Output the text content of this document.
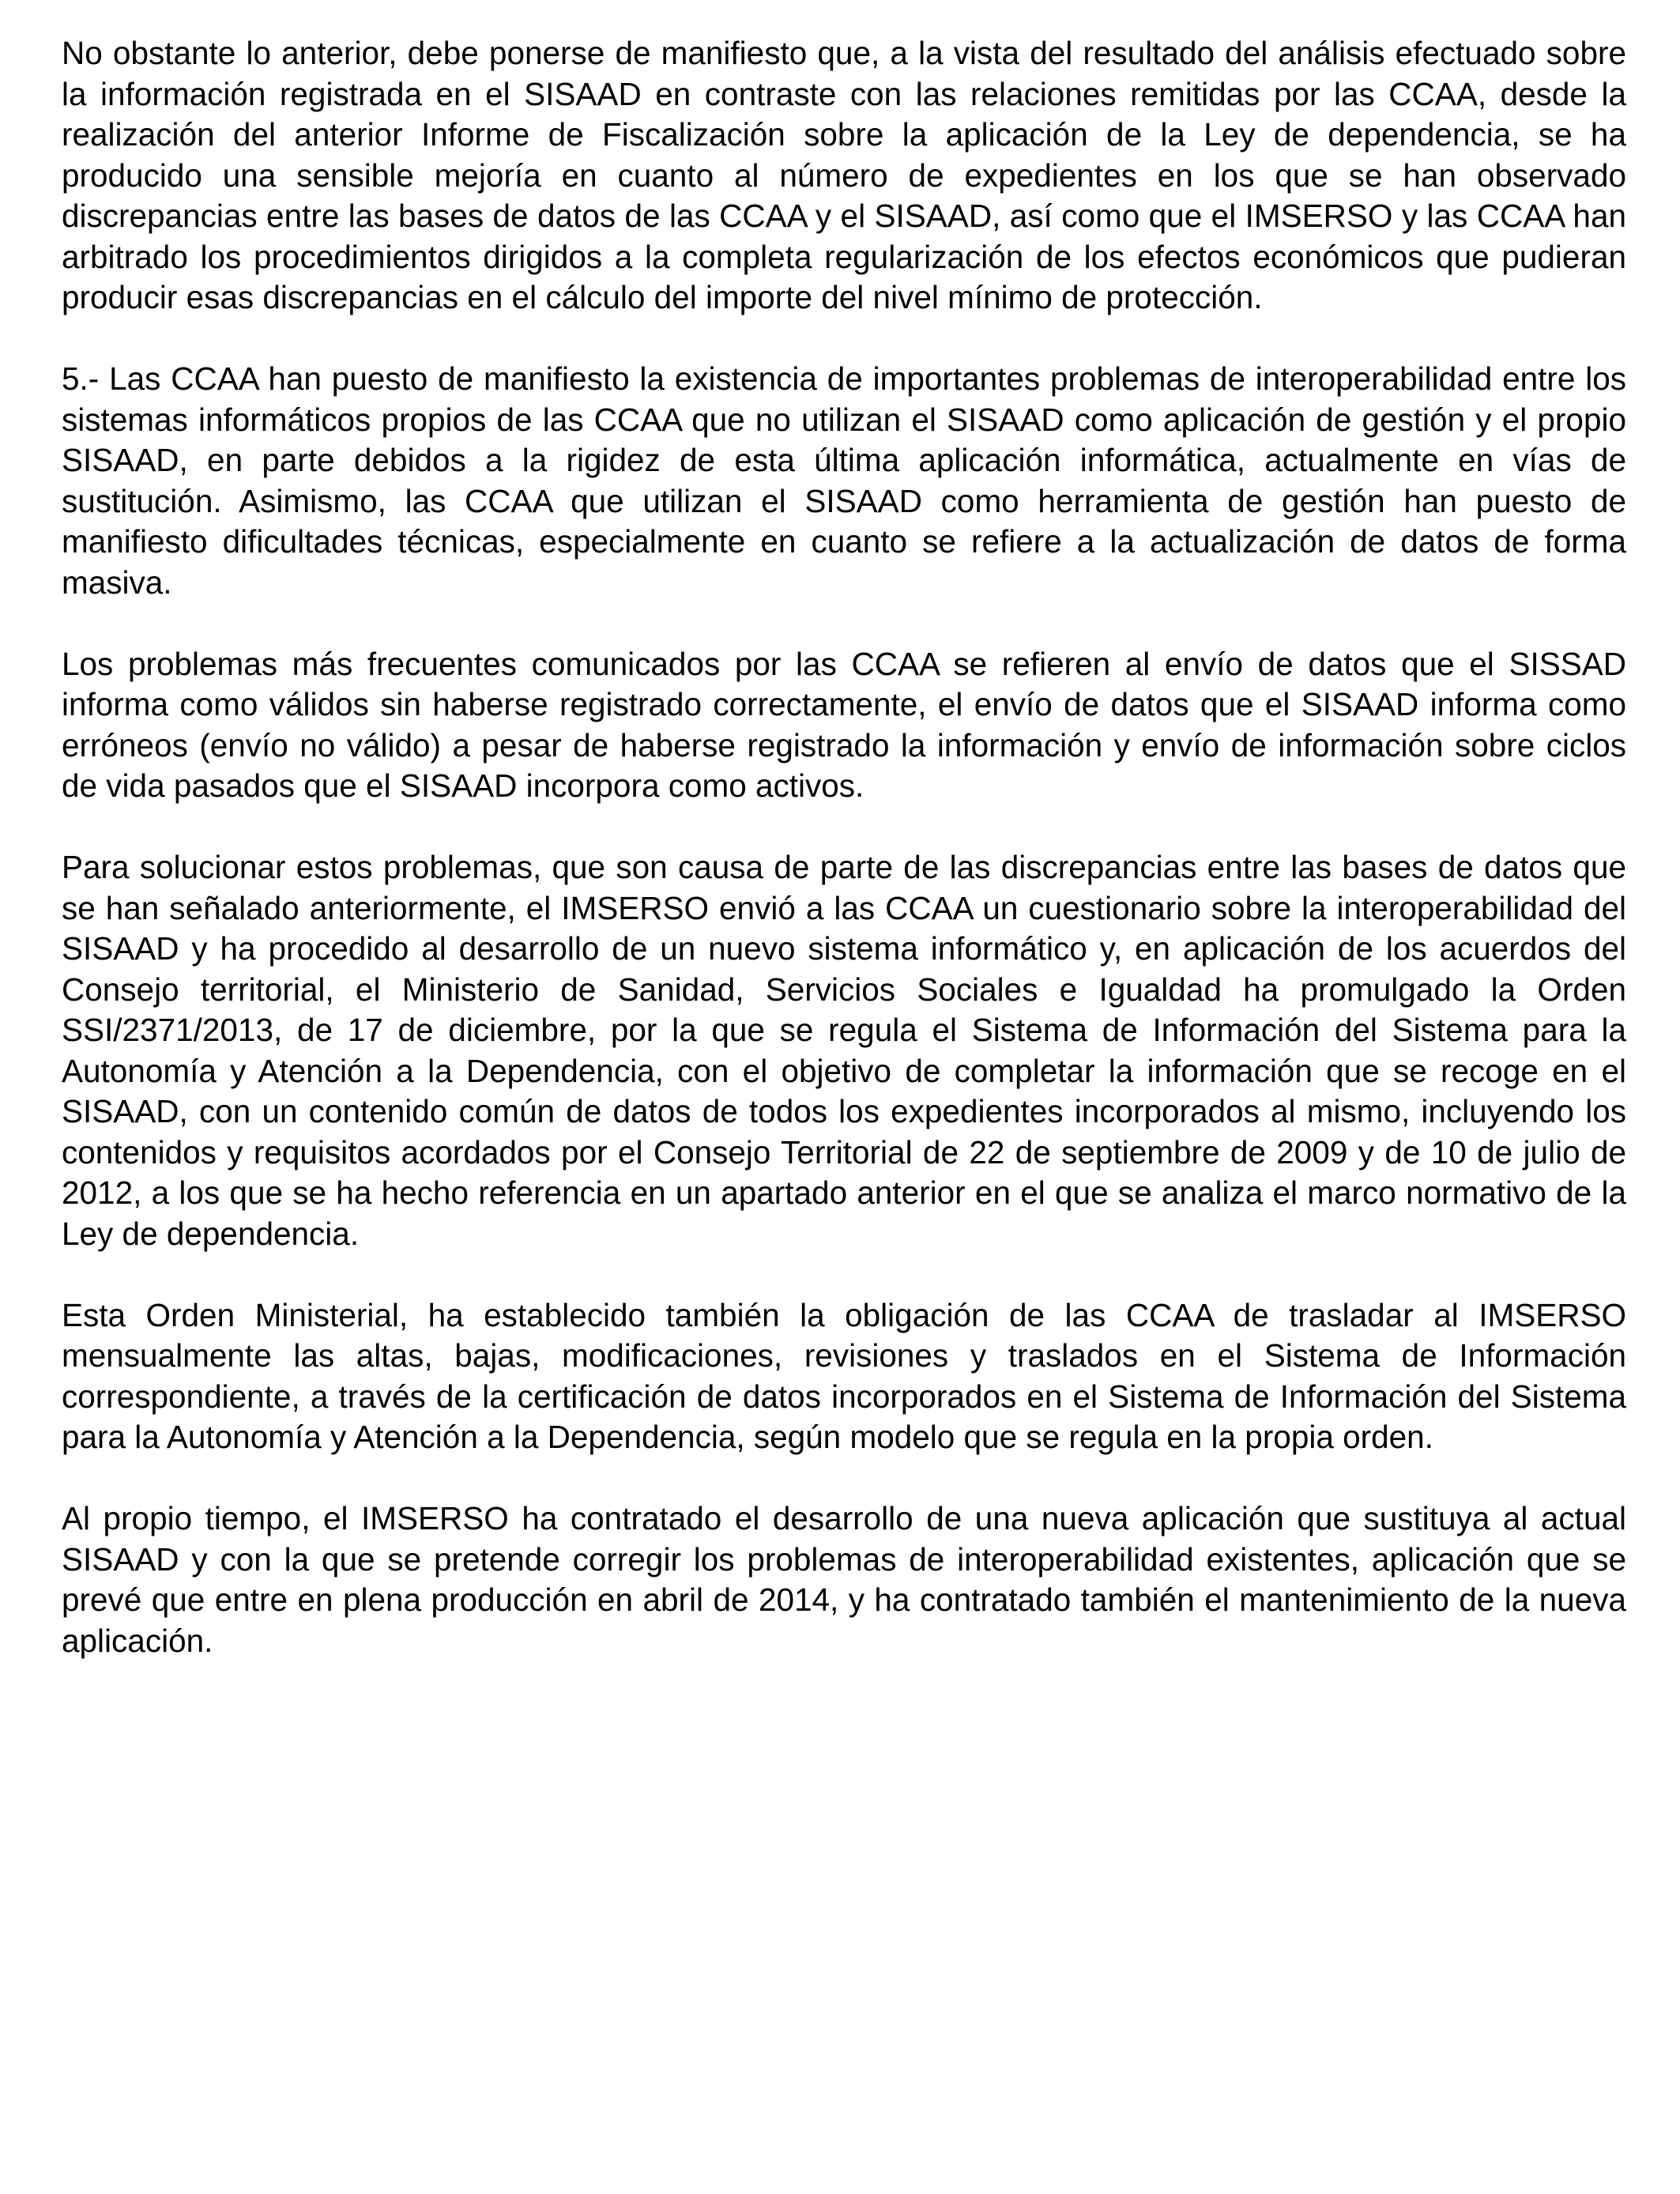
No obstante lo anterior, debe ponerse de manifiesto que, a la vista del resultado del análisis efectuado sobre la información registrada en el SISAAD en contraste con las relaciones remitidas por las CCAA, desde la realización del anterior Informe de Fiscalización sobre la aplicación de la Ley de dependencia, se ha producido una sensible mejoría en cuanto al número de expedientes en los que se han observado discrepancias entre las bases de datos de las CCAA y el SISAAD, así como que el IMSERSO y las CCAA han arbitrado los procedimientos dirigidos a la completa regularización de los efectos económicos que pudieran producir esas discrepancias en el cálculo del importe del nivel mínimo de protección.

5.- Las CCAA han puesto de manifiesto la existencia de importantes problemas de interoperabilidad entre los sistemas informáticos propios de las CCAA que no utilizan el SISAAD como aplicación de gestión y el propio SISAAD, en parte debidos a la rigidez de esta última aplicación informática, actualmente en vías de sustitución. Asimismo, las CCAA que utilizan el SISAAD como herramienta de gestión han puesto de manifiesto dificultades técnicas, especialmente en cuanto se refiere a la actualización de datos de forma masiva.

Los problemas más frecuentes comunicados por las CCAA se refieren al envío de datos que el SISSAD informa como válidos sin haberse registrado correctamente, el envío de datos que el SISAAD informa como erróneos (envío no válido) a pesar de haberse registrado la información y envío de información sobre ciclos de vida pasados que el SISAAD incorpora como activos.

Para solucionar estos problemas, que son causa de parte de las discrepancias entre las bases de datos que se han señalado anteriormente, el IMSERSO envió a las CCAA un cuestionario sobre la interoperabilidad del SISAAD y ha procedido al desarrollo de un nuevo sistema informático y, en aplicación de los acuerdos del Consejo territorial, el Ministerio de Sanidad, Servicios Sociales e Igualdad ha promulgado la Orden SSI/2371/2013, de 17 de diciembre, por la que se regula el Sistema de Información del Sistema para la Autonomía y Atención a la Dependencia, con el objetivo de completar la información que se recoge en el SISAAD, con un contenido común de datos de todos los expedientes incorporados al mismo, incluyendo los contenidos y requisitos acordados por el Consejo Territorial de 22 de septiembre de 2009 y de 10 de julio de 2012, a los que se ha hecho referencia en un apartado anterior en el que se analiza el marco normativo de la Ley de dependencia.

Esta Orden Ministerial, ha establecido también la obligación de las CCAA de trasladar al IMSERSO mensualmente las altas, bajas, modificaciones, revisiones y traslados en el Sistema de Información correspondiente, a través de la certificación de datos incorporados en el Sistema de Información del Sistema para la Autonomía y Atención a la Dependencia, según modelo que se regula en la propia orden.

Al propio tiempo, el IMSERSO ha contratado el desarrollo de una nueva aplicación que sustituya al actual SISAAD y con la que se pretende corregir los problemas de interoperabilidad existentes, aplicación que se prevé que entre en plena producción en abril de 2014, y ha contratado también el mantenimiento de la nueva aplicación.
